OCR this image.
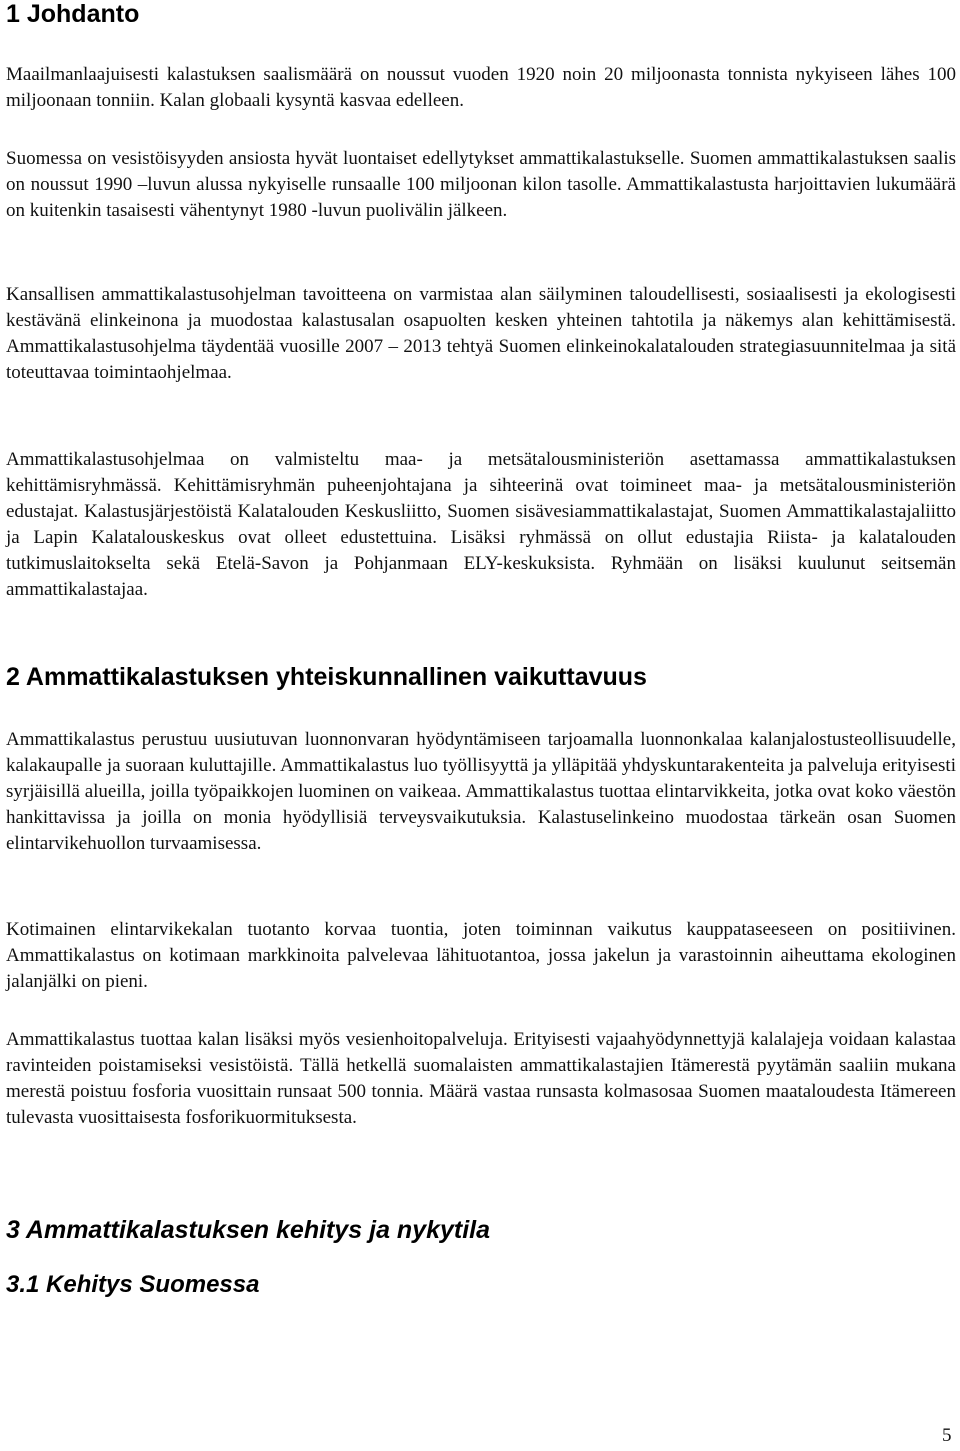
1 Johdanto

Maailmanlaajuisesti kalastuksen saalismäärä on noussut vuoden 1920 noin 20 miljoonasta tonnista nykyiseen lähes 100 miljoonaan tonniin. Kalan globaali kysyntä kasvaa edelleen.

Suomessa on vesistöisyyden ansiosta hyvät luontaiset edellytykset ammattikalastukselle. Suomen ammattikalastuksen saalis on noussut 1990 –luvun alussa nykyiselle runsaalle 100 miljoonan kilon tasolle. Ammattikalastusta harjoittavien lukumäärä on kuitenkin tasaisesti vähentynyt 1980 -luvun puolivälin jälkeen.

Kansallisen ammattikalastusohjelman tavoitteena on varmistaa alan säilyminen taloudellisesti, sosiaalisesti ja ekologisesti kestävänä elinkeinona ja muodostaa kalastusalan osapuolten kesken yhteinen tahtotila ja näkemys alan kehittämisestä. Ammattikalastusohjelma täydentää vuosille 2007 – 2013 tehtyä Suomen elinkeinokalatalouden strategiasuunnitelmaa ja sitä toteuttavaa toimintaohjelmaa.

Ammattikalastusohjelmaa on valmisteltu maa- ja metsätalousministeriön asettamassa ammattikalastuksen kehittämisryhmässä. Kehittämisryhmän puheenjohtajana ja sihteerinä ovat toimineet maa- ja metsätalousministeriön edustajat. Kalastusjärjestöistä Kalatalouden Keskusliitto, Suomen sisävesiammattikalastajat, Suomen Ammattikalastajaliitto ja Lapin Kalatalouskeskus ovat olleet edustettuina. Lisäksi ryhmässä on ollut edustajia Riista- ja kalatalouden tutkimuslaitokselta sekä Etelä-Savon ja Pohjanmaan ELY-keskuksista. Ryhmään on lisäksi kuulunut seitsemän ammattikalastajaa.

2 Ammattikalastuksen yhteiskunnallinen vaikuttavuus

Ammattikalastus perustuu uusiutuvan luonnonvaran hyödyntämiseen tarjoamalla luonnonkalaa kalanjalostusteollisuudelle, kalakaupalle ja suoraan kuluttajille. Ammattikalastus luo työllisyyttä ja ylläpitää yhdyskuntarakenteita ja palveluja erityisesti syrjäisillä alueilla, joilla työpaikkojen luominen on vaikeaa. Ammattikalastus tuottaa elintarvikkeita, jotka ovat koko väestön hankittavissa ja joilla on monia hyödyllisiä terveysvaikutuksia. Kalastuselinkeino muodostaa tärkeän osan Suomen elintarvikehuollon turvaamisessa.

Kotimainen elintarvikekalan tuotanto korvaa tuontia, joten toiminnan vaikutus kauppataseeseen on positiivinen. Ammattikalastus on kotimaan markkinoita palvelevaa lähituotantoa, jossa jakelun ja varastoinnin aiheuttama ekologinen jalanjälki on pieni.

Ammattikalastus tuottaa kalan lisäksi myös vesienhoitopalveluja. Erityisesti vajaahyödynnettyjä kalalajeja voidaan kalastaa ravinteiden poistamiseksi vesistöistä. Tällä hetkellä suomalaisten ammattikalastajien Itämerestä pyytämän saaliin mukana merestä poistuu fosforia vuosittain runsaat 500 tonnia. Määrä vastaa runsasta kolmasosaa Suomen maataloudesta Itämereen tulevasta vuosittaisesta fosforikuormituksesta.

3 Ammattikalastuksen kehitys ja nykytila
3.1 Kehitys Suomessa
5
